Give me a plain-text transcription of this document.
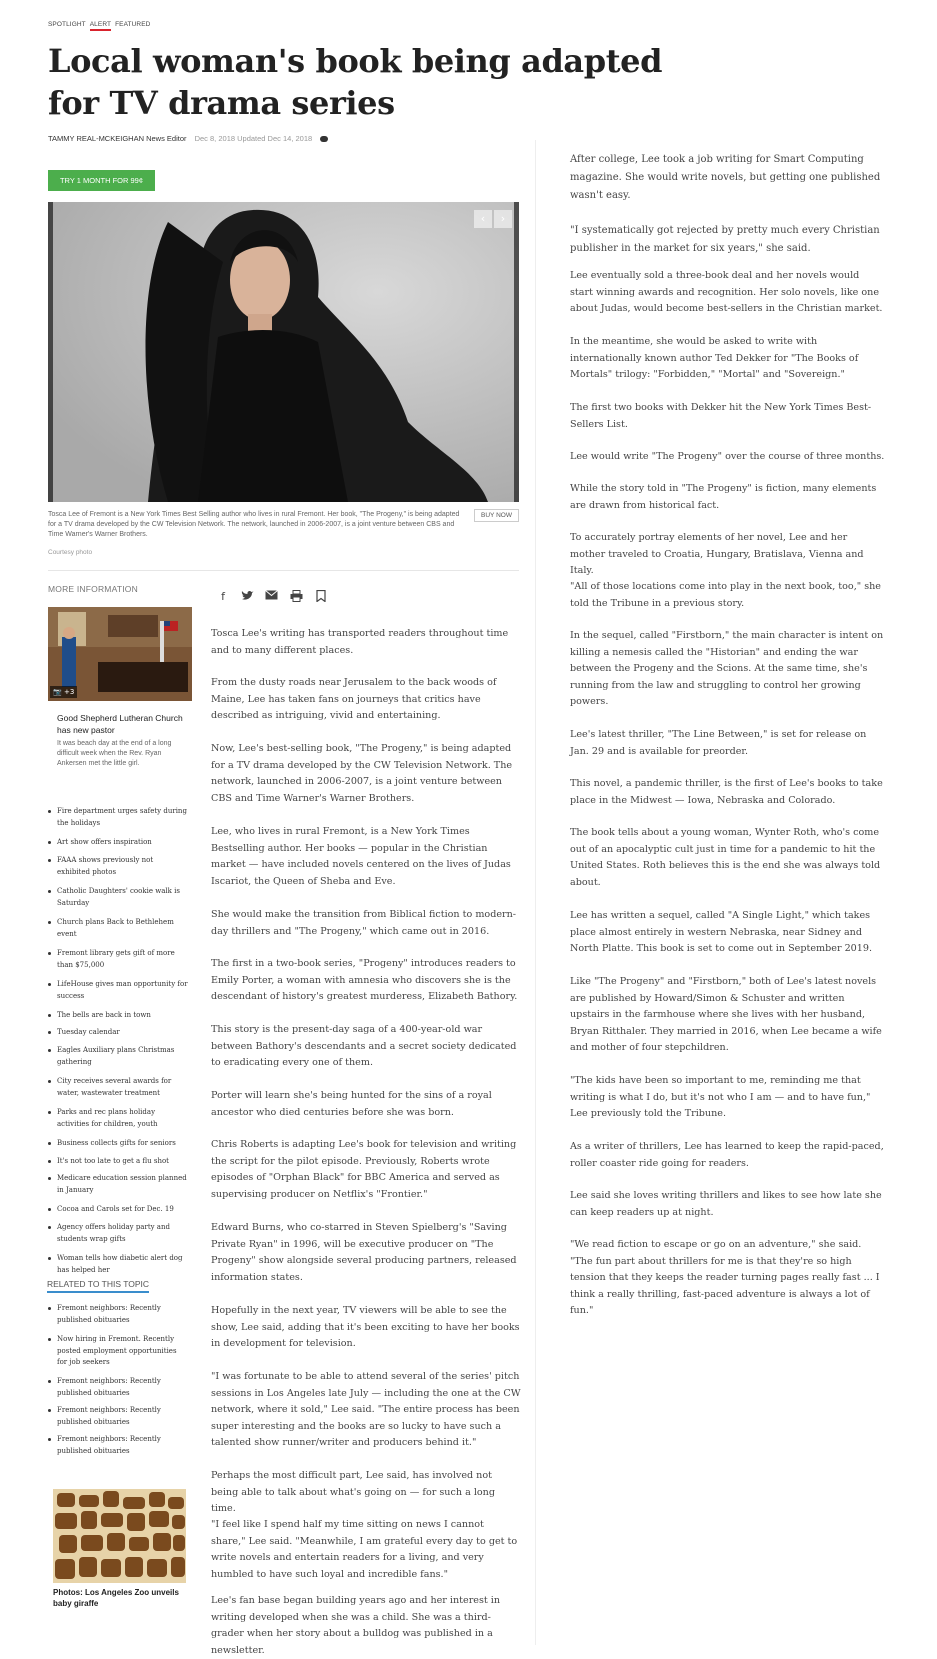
SPOTLIGHT ALERT FEATURED
Local woman's book being adapted for TV drama series
TAMMY REAL-MCKEIGHAN News Editor Dec 8, 2018 Updated Dec 14, 2018
TRY 1 MONTH FOR 99¢
‹	›
Tosca Lee of Fremont is a New York Times Best Selling author who lives in rural Fremont. Her book, "The Progeny," is being adapted for a TV drama developed by the CW Television Network. The network, launched in 2006-2007, is a joint venture between CBS and Time Warner's Warner Brothers.
Courtesy photo
BUY NOW
MORE INFORMATION
f
📷 +3
Good Shepherd Lutheran Church has new pastor
It was beach day at the end of a long difficult week when the Rev. Ryan Ankersen met the little girl.
Fire department urges safety during the holidays
Art show offers inspiration
FAAA shows previously not exhibited photos
Catholic Daughters' cookie walk is Saturday
Church plans Back to Bethlehem event
Fremont library gets gift of more than $75,000
LifeHouse gives man opportunity for success
The bells are back in town
Tuesday calendar
Eagles Auxiliary plans Christmas gathering
City receives several awards for water, wastewater treatment
Parks and rec plans holiday activities for children, youth
Business collects gifts for seniors
It's not too late to get a flu shot
Medicare education session planned in January
Cocoa and Carols set for Dec. 19
Agency offers holiday party and students wrap gifts
Woman tells how diabetic alert dog has helped her
RELATED TO THIS TOPIC
Fremont neighbors: Recently published obituaries
Now hiring in Fremont. Recently posted employment opportunities for job seekers
Fremont neighbors: Recently published obituaries
Fremont neighbors: Recently published obituaries
Fremont neighbors: Recently published obituaries
Photos: Los Angeles Zoo unveils baby giraffe

Tosca Lee's writing has transported readers throughout time and to many different places.

From the dusty roads near Jerusalem to the back woods of Maine, Lee has taken fans on journeys that critics have described as intriguing, vivid and entertaining.

Now, Lee's best-selling book, "The Progeny," is being adapted for a TV drama developed by the CW Television Network. The network, launched in 2006-2007, is a joint venture between CBS and Time Warner's Warner Brothers.

Lee, who lives in rural Fremont, is a New York Times Bestselling author. Her books — popular in the Christian market — have included novels centered on the lives of Judas Iscariot, the Queen of Sheba and Eve.

She would make the transition from Biblical fiction to modern-day thrillers and "The Progeny," which came out in 2016.

The first in a two-book series, "Progeny" introduces readers to Emily Porter, a woman with amnesia who discovers she is the descendant of history's greatest murderess, Elizabeth Bathory.

This story is the present-day saga of a 400-year-old war between Bathory's descendants and a secret society dedicated to eradicating every one of them.

Porter will learn she's being hunted for the sins of a royal ancestor who died centuries before she was born.

Chris Roberts is adapting Lee's book for television and writing the script for the pilot episode. Previously, Roberts wrote episodes of "Orphan Black" for BBC America and served as supervising producer on Netflix's "Frontier."

Edward Burns, who co-starred in Steven Spielberg's "Saving Private Ryan" in 1996, will be executive producer on "The Progeny" show alongside several producing partners, released information states.

Hopefully in the next year, TV viewers will be able to see the show, Lee said, adding that it's been exciting to have her books in development for television.

"I was fortunate to be able to attend several of the series' pitch sessions in Los Angeles late July — including the one at the CW network, where it sold," Lee said. "The entire process has been super interesting and the books are so lucky to have such a talented show runner/writer and producers behind it."

Perhaps the most difficult part, Lee said, has involved not being able to talk about what's going on — for such a long time.

"I feel like I spend half my time sitting on news I cannot share," Lee said. "Meanwhile, I am grateful every day to get to write novels and entertain readers for a living, and very humbled to have such loyal and incredible fans."

Lee's fan base began building years ago and her interest in writing developed when she was a child. She was a third-grader when her story about a bulldog was published in a newsletter.

After college, Lee took a job writing for Smart Computing magazine. She would write novels, but getting one published wasn't easy.

"I systematically got rejected by pretty much every Christian publisher in the market for six years," she said.

Lee eventually sold a three-book deal and her novels would start winning awards and recognition. Her solo novels, like one about Judas, would become best-sellers in the Christian market.

In the meantime, she would be asked to write with internationally known author Ted Dekker for "The Books of Mortals" trilogy: "Forbidden," "Mortal" and "Sovereign."

The first two books with Dekker hit the New York Times Best-Sellers List.

Lee would write "The Progeny" over the course of three months.

While the story told in "The Progeny" is fiction, many elements are drawn from historical fact.

To accurately portray elements of her novel, Lee and her mother traveled to Croatia, Hungary, Bratislava, Vienna and Italy.

"All of those locations come into play in the next book, too," she told the Tribune in a previous story.

In the sequel, called "Firstborn," the main character is intent on killing a nemesis called the "Historian" and ending the war between the Progeny and the Scions. At the same time, she's running from the law and struggling to control her growing powers.

Lee's latest thriller, "The Line Between," is set for release on Jan. 29 and is available for preorder.

This novel, a pandemic thriller, is the first of Lee's books to take place in the Midwest — Iowa, Nebraska and Colorado.

The book tells about a young woman, Wynter Roth, who's come out of an apocalyptic cult just in time for a pandemic to hit the United States. Roth believes this is the end she was always told about.

Lee has written a sequel, called "A Single Light," which takes place almost entirely in western Nebraska, near Sidney and North Platte. This book is set to come out in September 2019.

Like "The Progeny" and "Firstborn," both of Lee's latest novels are published by Howard/Simon & Schuster and written upstairs in the farmhouse where she lives with her husband, Bryan Ritthaler. They married in 2016, when Lee became a wife and mother of four stepchildren.

"The kids have been so important to me, reminding me that writing is what I do, but it's not who I am — and to have fun," Lee previously told the Tribune.

As a writer of thrillers, Lee has learned to keep the rapid-paced, roller coaster ride going for readers.

Lee said she loves writing thrillers and likes to see how late she can keep readers up at night.

"We read fiction to escape or go on an adventure," she said. "The fun part about thrillers for me is that they're so high tension that they keeps the reader turning pages really fast ... I think a really thrilling, fast-paced adventure is always a lot of fun."
